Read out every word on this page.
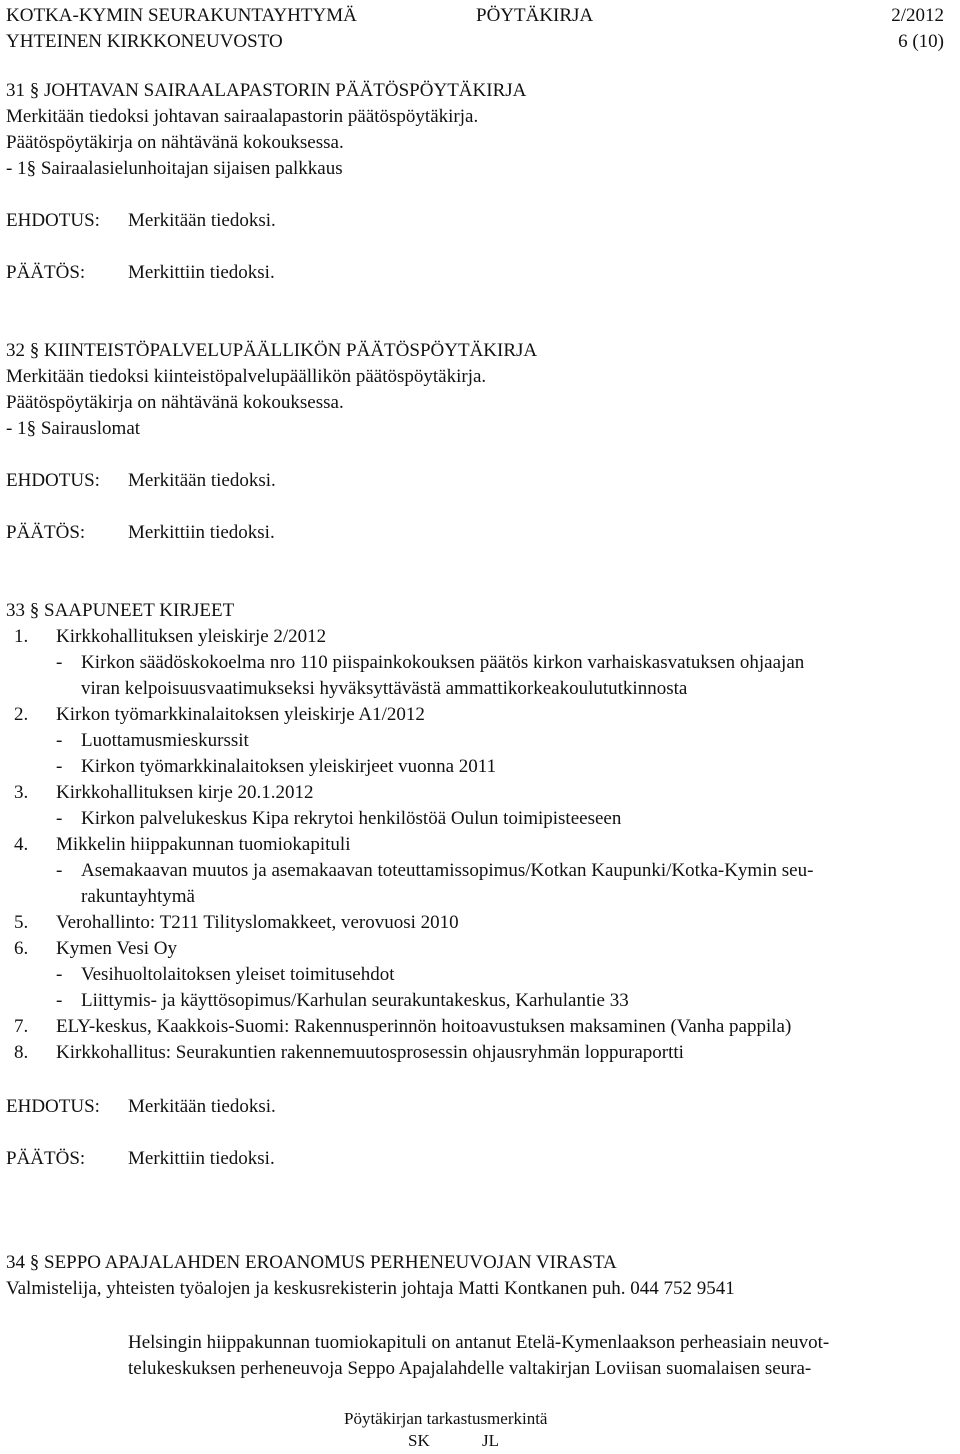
KOTKA-KYMIN SEURAKUNTAYHTYMÄ	PÖYTÄKIRJA	2/2012
YHTEINEN KIRKKONEUVOSTO	6 (10)
31 § JOHTAVAN SAIRAALAPASTORIN PÄÄTÖSPÖYTÄKIRJA
Merkitään tiedoksi johtavan sairaalapastorin päätöspöytäkirja.
Päätöspöytäkirja on nähtävänä kokouksessa.
- 1§ Sairaalasielunhoitajan sijaisen palkkaus
EHDOTUS: Merkitään tiedoksi.
PÄÄTÖS: Merkittiin tiedoksi.
32 § KIINTEISTÖPALVELUPÄÄLLIKÖN PÄÄTÖSPÖYTÄKIRJA
Merkitään tiedoksi kiinteistöpalvelupäällikön päätöspöytäkirja.
Päätöspöytäkirja on nähtävänä kokouksessa.
- 1§ Sairauslomat
EHDOTUS: Merkitään tiedoksi.
PÄÄTÖS: Merkittiin tiedoksi.
33 § SAAPUNEET KIRJEET
1. Kirkkohallituksen yleiskirje 2/2012
- Kirkon säädöskokoelma nro 110 piispainkokouksen päätös kirkon varhaiskasvatuksen ohjaajan
viran kelpoisuusvaatimukseksi hyväksyttävästä ammattikorkeakoulututkinnosta
2. Kirkon työmarkkinalaitoksen yleiskirje A1/2012
- Luottamusmieskurssit
- Kirkon työmarkkinalaitoksen yleiskirjeet vuonna 2011
3. Kirkkohallituksen kirje 20.1.2012
- Kirkon palvelukeskus Kipa rekrytoi henkilöstöä Oulun toimipisteeseen
4. Mikkelin hiippakunnan tuomiokapituli
- Asemakaavan muutos ja asemakaavan toteuttamissopimus/Kotkan Kaupunki/Kotka-Kymin seu-
rakuntayhtymä
5. Verohallinto: T211 Tilityslomakkeet, verovuosi 2010
6. Kymen Vesi Oy
- Vesihuoltolaitoksen yleiset toimitusehdot
- Liittymis- ja käyttösopimus/Karhulan seurakuntakeskus, Karhulantie 33
7. ELY-keskus, Kaakkois-Suomi: Rakennusperinnön hoitoavustuksen maksaminen (Vanha pappila)
8. Kirkkohallitus: Seurakuntien rakennemuutosprosessin ohjausryhmän loppuraportti
EHDOTUS: Merkitään tiedoksi.
PÄÄTÖS: Merkittiin tiedoksi.
34 § SEPPO APAJALAHDEN EROANOMUS PERHENEUVOJAN VIRASTA
Valmistelija, yhteisten työalojen ja keskusrekisterin johtaja Matti Kontkanen puh. 044 752 9541
Helsingin hiippakunnan tuomiokapituli on antanut Etelä-Kymenlaakson perheasiain neuvot-
telukeskuksen perheneuvoja Seppo Apajalahdelle valtakirjan Loviisan suomalaisen seura-
Pöytäkirjan tarkastusmerkintä
SK	JL
